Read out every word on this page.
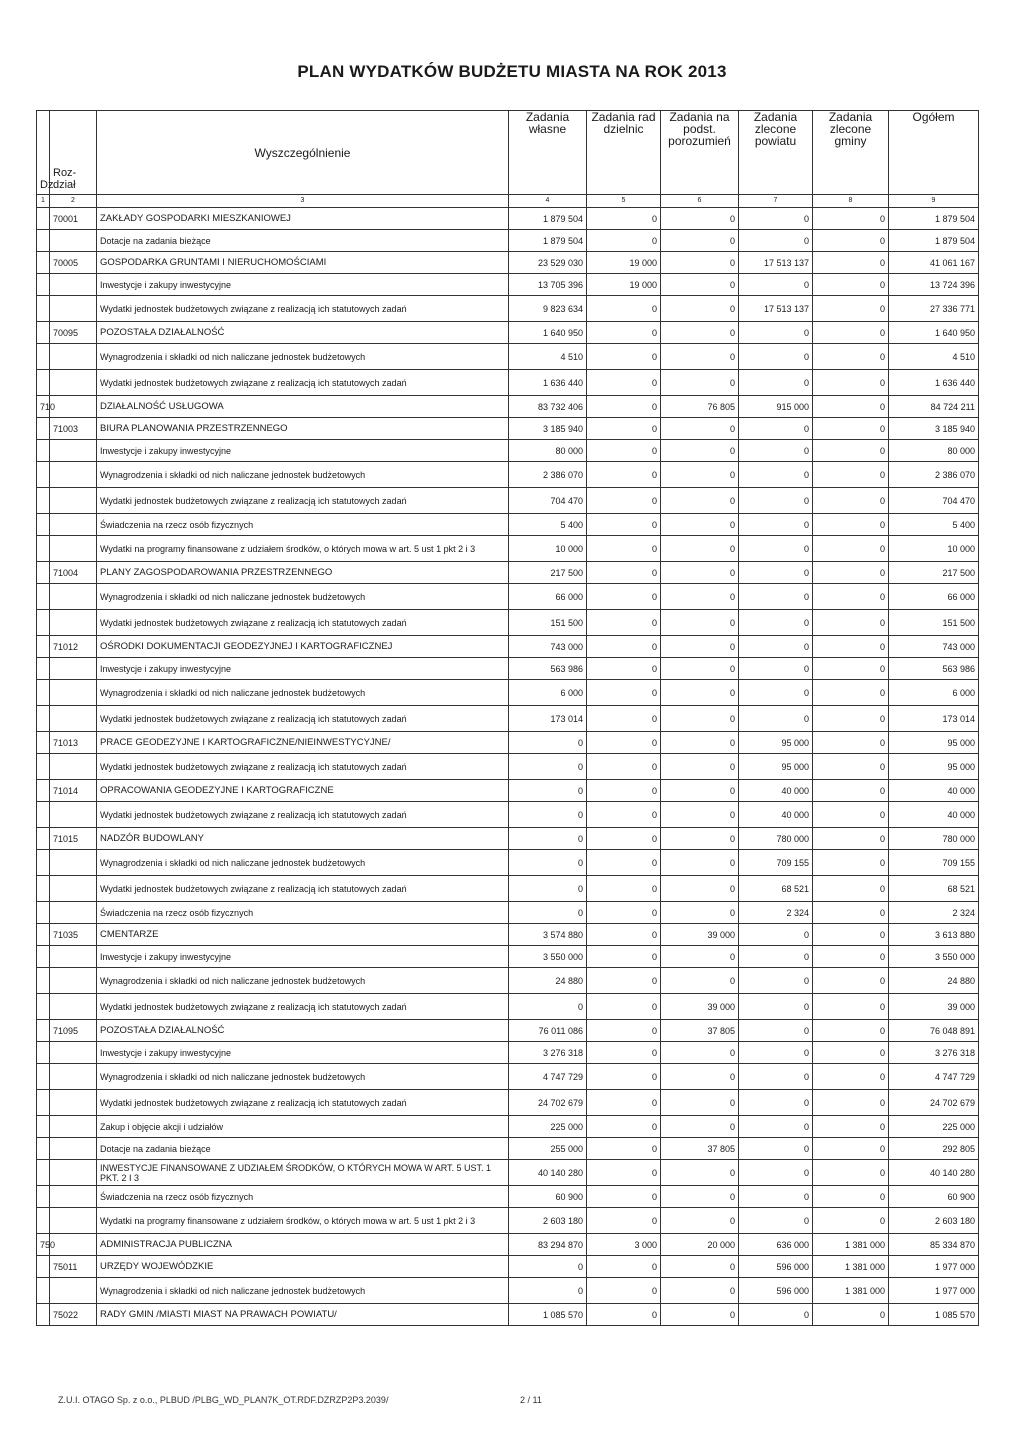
PLAN WYDATKÓW BUDŻETU MIASTA NA ROK 2013
Dz.	Roz-dział	Wyszczególnienie	Zadania własne	Zadania rad dzielnic	Zadania na podst. porozumień	Zadania zlecone powiatu	Zadania zlecone gminy	Ogółem
1	2	3	4	5	6	7	8	9
	70001	ZAKŁADY GOSPODARKI MIESZKANIOWEJ	1 879 504	0	0	0	0	1 879 504
		Dotacje na zadania bieżące	1 879 504	0	0	0	0	1 879 504
	70005	GOSPODARKA GRUNTAMI I NIERUCHOMOŚCIAMI	23 529 030	19 000	0	17 513 137	0	41 061 167
		Inwestycje i zakupy inwestycyjne	13 705 396	19 000	0	0	0	13 724 396
		Wydatki jednostek budżetowych związane z realizacją ich statutowych zadań	9 823 634	0	0	17 513 137	0	27 336 771
	70095	POZOSTAŁA DZIAŁALNOŚĆ	1 640 950	0	0	0	0	1 640 950
		Wynagrodzenia i składki od nich naliczane jednostek budżetowych	4 510	0	0	0	0	4 510
		Wydatki jednostek budżetowych związane z realizacją ich statutowych zadań	1 636 440	0	0	0	0	1 636 440
710		DZIAŁALNOŚĆ USŁUGOWA	83 732 406	0	76 805	915 000	0	84 724 211
	71003	BIURA PLANOWANIA PRZESTRZENNEGO	3 185 940	0	0	0	0	3 185 940
		Inwestycje i zakupy inwestycyjne	80 000	0	0	0	0	80 000
		Wynagrodzenia i składki od nich naliczane jednostek budżetowych	2 386 070	0	0	0	0	2 386 070
		Wydatki jednostek budżetowych związane z realizacją ich statutowych zadań	704 470	0	0	0	0	704 470
		Świadczenia na rzecz osób fizycznych	5 400	0	0	0	0	5 400
		Wydatki na programy finansowane z udziałem środków, o których mowa w art. 5 ust 1 pkt 2 i 3	10 000	0	0	0	0	10 000
	71004	PLANY ZAGOSPODAROWANIA PRZESTRZENNEGO	217 500	0	0	0	0	217 500
		Wynagrodzenia i składki od nich naliczane jednostek budżetowych	66 000	0	0	0	0	66 000
		Wydatki jednostek budżetowych związane z realizacją ich statutowych zadań	151 500	0	0	0	0	151 500
	71012	OŚRODKI DOKUMENTACJI GEODEZYJNEJ I KARTOGRAFICZNEJ	743 000	0	0	0	0	743 000
		Inwestycje i zakupy inwestycyjne	563 986	0	0	0	0	563 986
		Wynagrodzenia i składki od nich naliczane jednostek budżetowych	6 000	0	0	0	0	6 000
		Wydatki jednostek budżetowych związane z realizacją ich statutowych zadań	173 014	0	0	0	0	173 014
	71013	PRACE GEODEZYJNE I KARTOGRAFICZNE/NIEINWESTYCYJNE/	0	0	0	95 000	0	95 000
		Wydatki jednostek budżetowych związane z realizacją ich statutowych zadań	0	0	0	95 000	0	95 000
	71014	OPRACOWANIA GEODEZYJNE I KARTOGRAFICZNE	0	0	0	40 000	0	40 000
		Wydatki jednostek budżetowych związane z realizacją ich statutowych zadań	0	0	0	40 000	0	40 000
	71015	NADZÓR BUDOWLANY	0	0	0	780 000	0	780 000
		Wynagrodzenia i składki od nich naliczane jednostek budżetowych	0	0	0	709 155	0	709 155
		Wydatki jednostek budżetowych związane z realizacją ich statutowych zadań	0	0	0	68 521	0	68 521
		Świadczenia na rzecz osób fizycznych	0	0	0	2 324	0	2 324
	71035	CMENTARZE	3 574 880	0	39 000	0	0	3 613 880
		Inwestycje i zakupy inwestycyjne	3 550 000	0	0	0	0	3 550 000
		Wynagrodzenia i składki od nich naliczane jednostek budżetowych	24 880	0	0	0	0	24 880
		Wydatki jednostek budżetowych związane z realizacją ich statutowych zadań	0	0	39 000	0	0	39 000
	71095	POZOSTAŁA DZIAŁALNOŚĆ	76 011 086	0	37 805	0	0	76 048 891
		Inwestycje i zakupy inwestycyjne	3 276 318	0	0	0	0	3 276 318
		Wynagrodzenia i składki od nich naliczane jednostek budżetowych	4 747 729	0	0	0	0	4 747 729
		Wydatki jednostek budżetowych związane z realizacją ich statutowych zadań	24 702 679	0	0	0	0	24 702 679
		Zakup i objęcie akcji i udziałów	225 000	0	0	0	0	225 000
		Dotacje na zadania bieżące	255 000	0	37 805	0	0	292 805
		INWESTYCJE FINANSOWANE Z UDZIAŁEM ŚRODKÓW, O KTÓRYCH MOWA W ART. 5 UST. 1 PKT. 2 I 3	40 140 280	0	0	0	0	40 140 280
		Świadczenia na rzecz osób fizycznych	60 900	0	0	0	0	60 900
		Wydatki na programy finansowane z udziałem środków, o których mowa w art. 5 ust 1 pkt 2 i 3	2 603 180	0	0	0	0	2 603 180
750		ADMINISTRACJA PUBLICZNA	83 294 870	3 000	20 000	636 000	1 381 000	85 334 870
	75011	URZĘDY WOJEWÓDZKIE	0	0	0	596 000	1 381 000	1 977 000
		Wynagrodzenia i składki od nich naliczane jednostek budżetowych	0	0	0	596 000	1 381 000	1 977 000
	75022	RADY GMIN /MIASTI MIAST NA PRAWACH POWIATU/	1 085 570	0	0	0	0	1 085 570
Z.U.I. OTAGO Sp. z o.o., PLBUD /PLBG_WD_PLAN7K_OT.RDF.DZRZP2P3.2039/	2 / 11
